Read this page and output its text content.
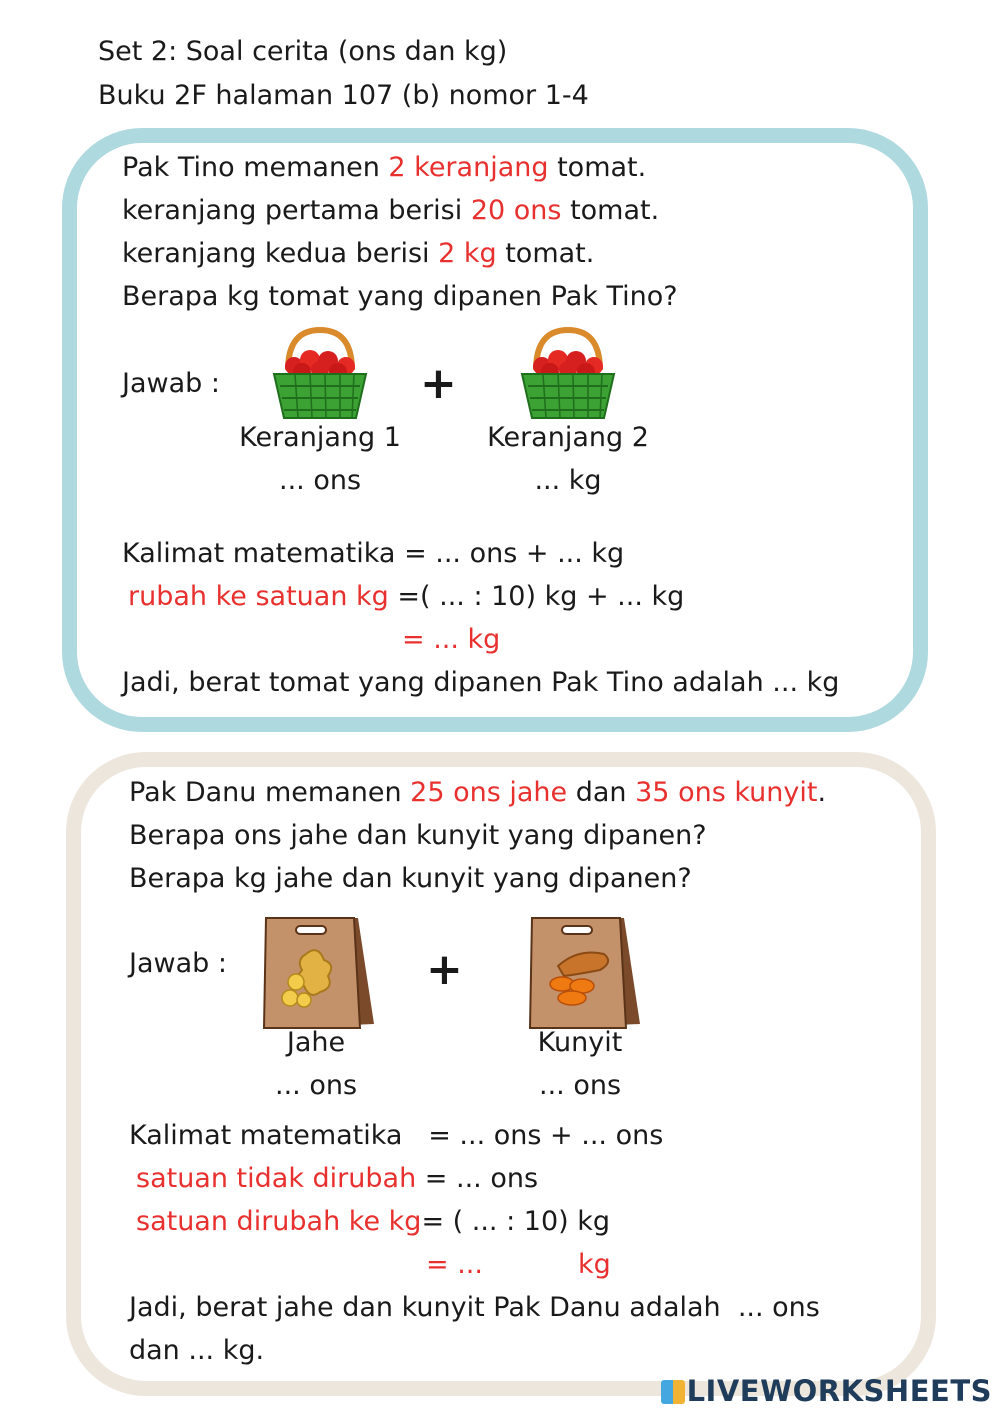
Set 2: Soal cerita (ons dan kg)
Buku 2F halaman 107 (b) nomor 1-4
Pak Tino memanen 2 keranjang tomat.
keranjang pertama berisi 20 ons tomat.
keranjang kedua berisi 2 kg tomat.
Berapa kg tomat yang dipanen Pak Tino?
Jawab :	+
Keranjang 1
... ons
Keranjang 2
... kg
Kalimat matematika = ... ons + ... kg
rubah ke satuan kg =( ... : 10) kg + ... kg
= ... kg
Jadi, berat tomat yang dipanen Pak Tino adalah ... kg
Pak Danu memanen 25 ons jahe dan 35 ons kunyit.
Berapa ons jahe dan kunyit yang dipanen?
Berapa kg jahe dan kunyit yang dipanen?
Jawab :	+
Jahe
... ons
Kunyit
... ons
Kalimat matematika   = ... ons + ... ons
satuan tidak dirubah = ... ons
satuan dirubah ke kg= ( ... : 10) kg
= ...	kg
Jadi, berat jahe dan kunyit Pak Danu adalah  ... ons
dan ... kg.
LIVEWORKSHEETS
